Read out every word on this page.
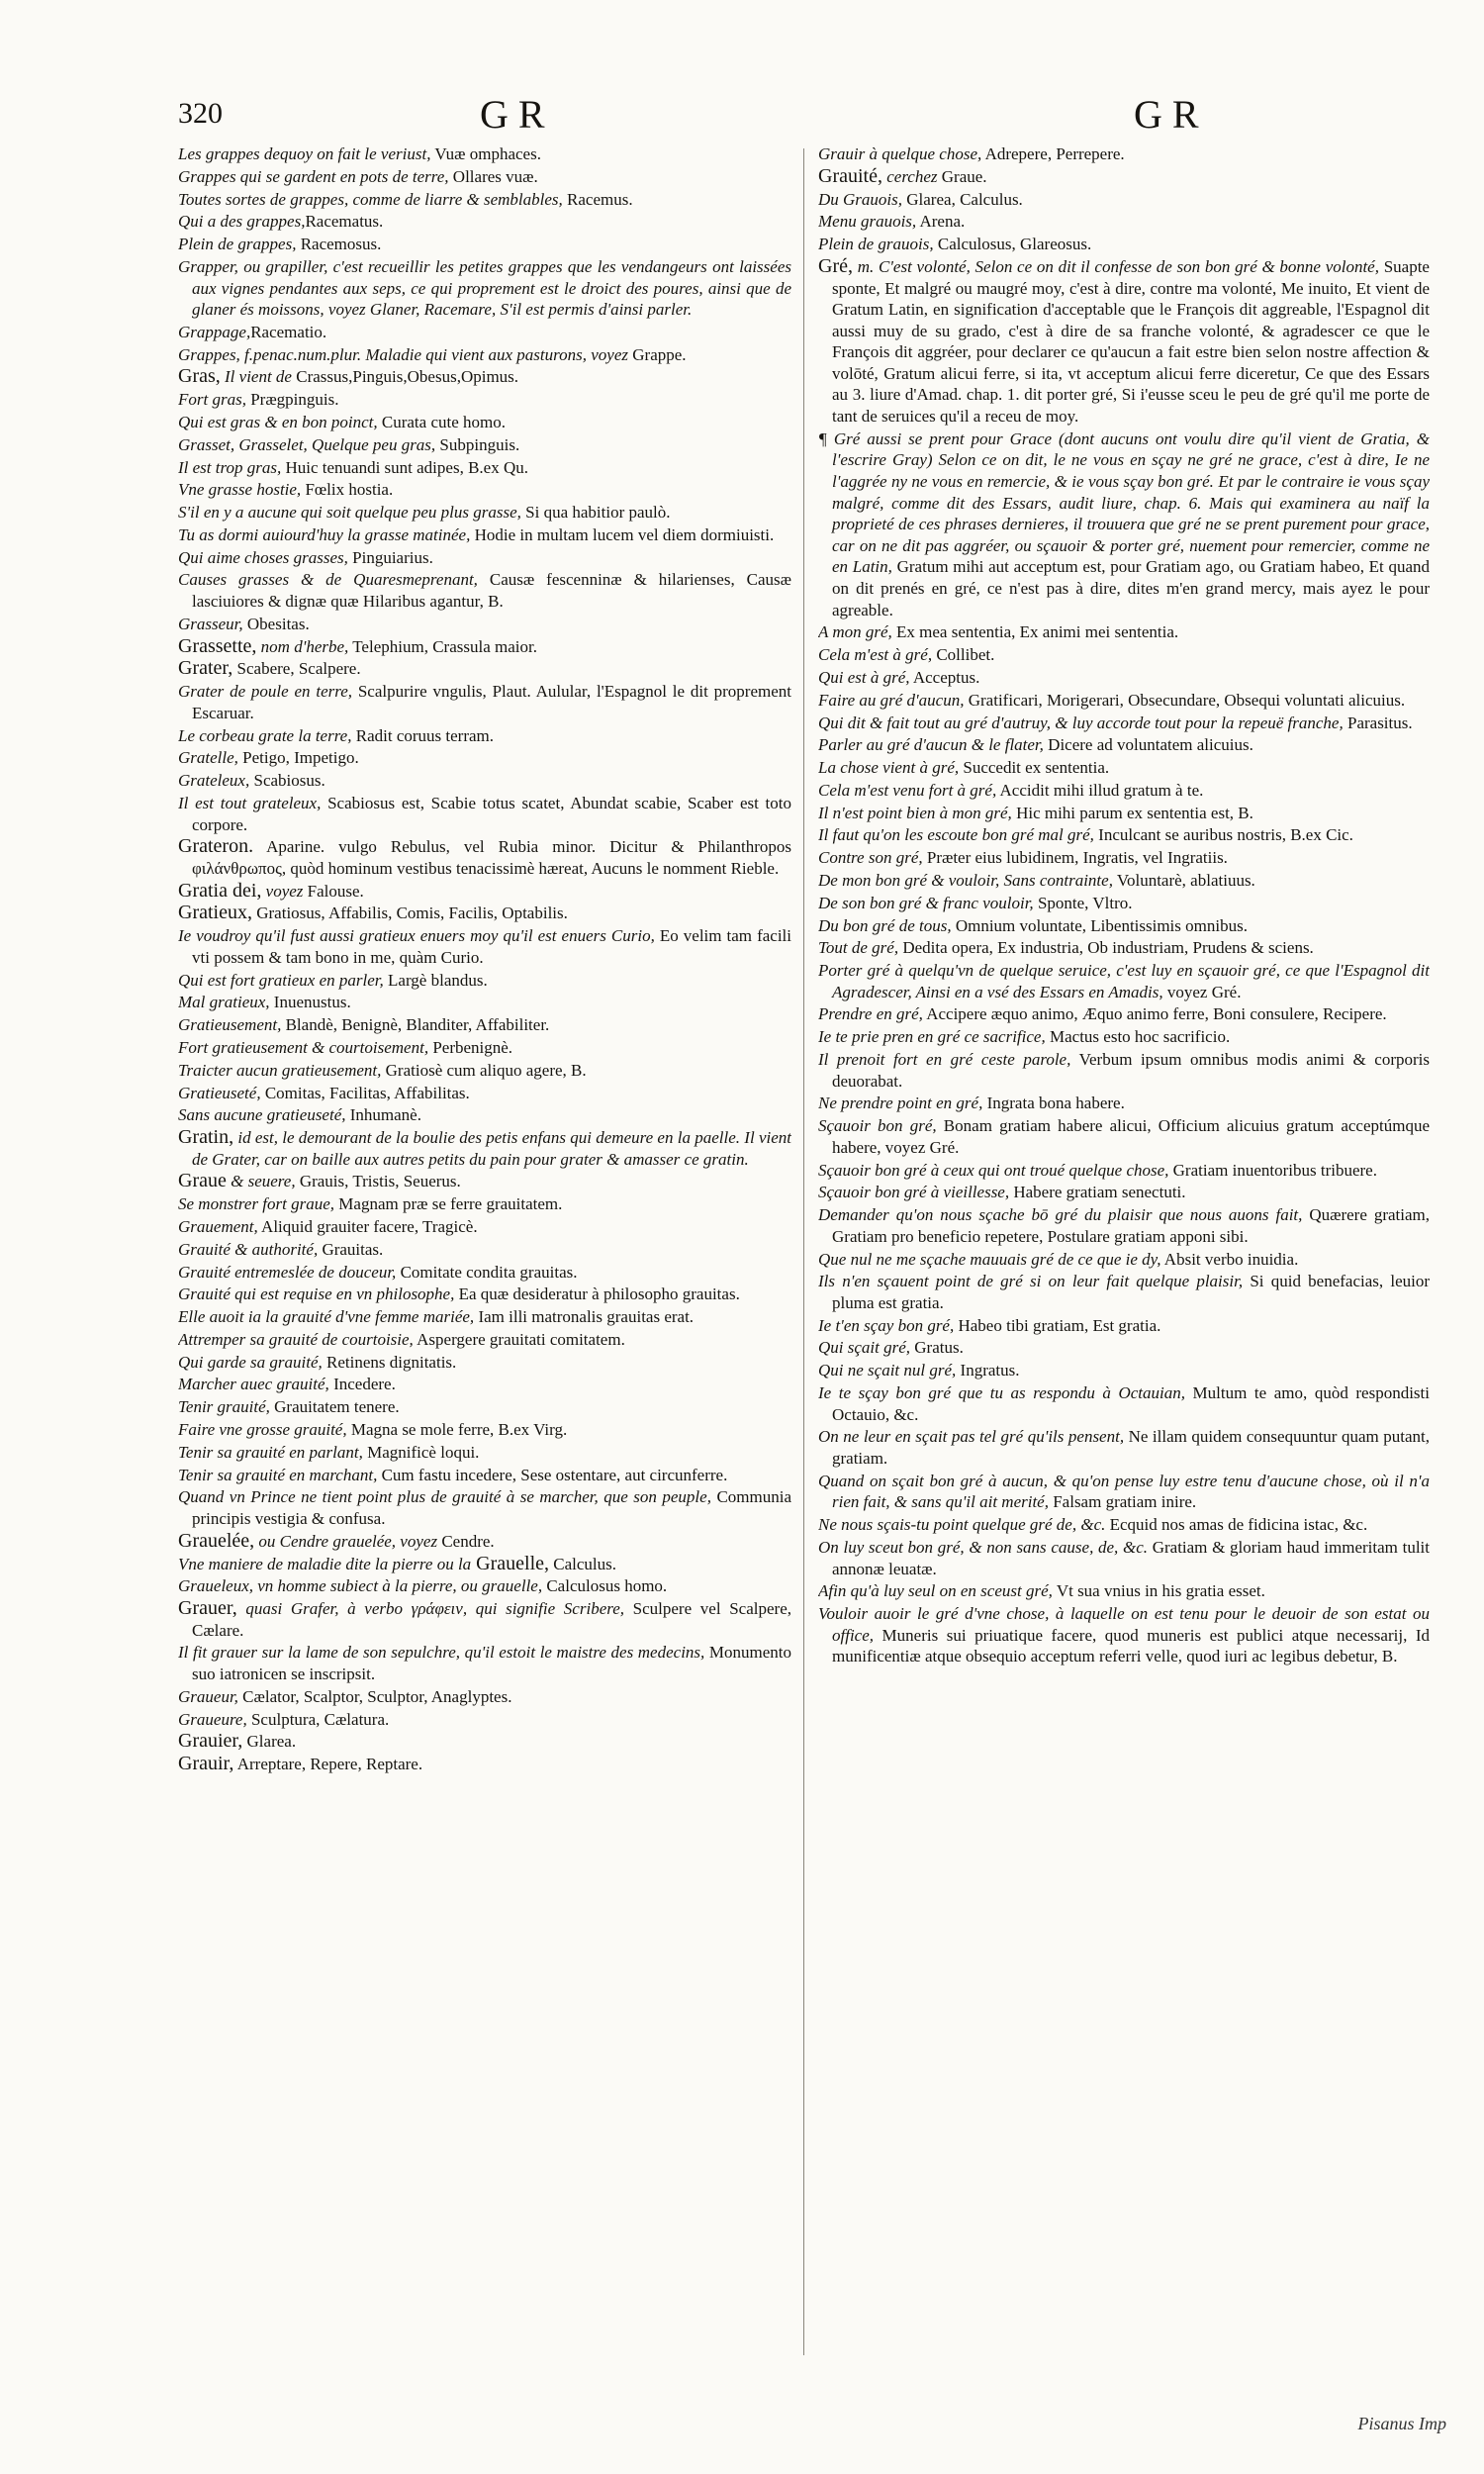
320	GR	GR

Les grappes dequoy on fait le veriust, Vuæ omphaces.

Grappes qui se gardent en pots de terre, Ollares vuæ.

Toutes sortes de grappes, comme de liarre & semblables, Racemus.

Qui a des grappes,Racematus.

Plein de grappes, Racemosus.

Grapper, ou grapiller, c'est recueillir les petites grappes que les vendangeurs ont laissées aux vignes pendantes aux seps, ce qui proprement est le droict des poures, ainsi que de glaner és moissons, voyez Glaner, Racemare, S'il est permis d'ainsi parler.

Grappage,Racematio.

Grappes, f.penac.num.plur. Maladie qui vient aux pasturons, voyez Grappe.

Gras, Il vient de Crassus,Pinguis,Obesus,Opimus.

Fort gras, Prægpinguis.

Qui est gras & en bon poinct, Curata cute homo.

Grasset, Grasselet, Quelque peu gras, Subpinguis.

Il est trop gras, Huic tenuandi sunt adipes, B.ex Qu.

Vne grasse hostie, Fœlix hostia.

S'il en y a aucune qui soit quelque peu plus grasse, Si qua habitior paulò.

Tu as dormi auiourd'huy la grasse matinée, Hodie in multam lucem vel diem dormiuisti.

Qui aime choses grasses, Pinguiarius.

Causes grasses & de Quaresmeprenant, Causæ fescenninæ & hilarienses, Causæ lasciuiores & dignæ quæ Hilaribus agantur, B.

Grasseur, Obesitas.

Grassette, nom d'herbe, Telephium, Crassula maior.

Grater, Scabere, Scalpere.

Grater de poule en terre, Scalpurire vngulis, Plaut. Aulular, l'Espagnol le dit proprement Escaruar.

Le corbeau grate la terre, Radit coruus terram.

Gratelle, Petigo, Impetigo.

Grateleux, Scabiosus.

Il est tout grateleux, Scabiosus est, Scabie totus scatet, Abundat scabie, Scaber est toto corpore.

Grateron. Aparine. vulgo Rebulus, vel Rubia minor. Dicitur & Philanthropos φιλάνθρωπος, quòd hominum vestibus tenacissimè hæreat, Aucuns le nomment Rieble.

Gratia dei, voyez Falouse.

Gratieux, Gratiosus, Affabilis, Comis, Facilis, Optabilis.

Ie voudroy qu'il fust aussi gratieux enuers moy qu'il est enuers Curio, Eo velim tam facili vti possem & tam bono in me, quàm Curio.

Qui est fort gratieux en parler, Largè blandus.

Mal gratieux, Inuenustus.

Gratieusement, Blandè, Benignè, Blanditer, Affabiliter.

Fort gratieusement & courtoisement, Perbenignè.

Traicter aucun gratieusement, Gratiosè cum aliquo agere, B.

Gratieuseté, Comitas, Facilitas, Affabilitas.

Sans aucune gratieuseté, Inhumanè.

Gratin, id est, le demourant de la boulie des petis enfans qui demeure en la paelle. Il vient de Grater, car on baille aux autres petits du pain pour grater & amasser ce gratin.

Graue & seuere, Grauis, Tristis, Seuerus.

Se monstrer fort graue, Magnam præ se ferre grauitatem.

Grauement, Aliquid grauiter facere, Tragicè.

Grauité & authorité, Grauitas.

Grauité entremeslée de douceur, Comitate condita grauitas.

Grauité qui est requise en vn philosophe, Ea quæ desideratur à philosopho grauitas.

Elle auoit ia la grauité d'vne femme mariée, Iam illi matronalis grauitas erat.

Attremper sa grauité de courtoisie, Aspergere grauitati comitatem.

Qui garde sa grauité, Retinens dignitatis.

Marcher auec grauité, Incedere.

Tenir grauité, Grauitatem tenere.

Faire vne grosse grauité, Magna se mole ferre, B.ex Virg.

Tenir sa grauité en parlant, Magnificè loqui.

Tenir sa grauité en marchant, Cum fastu incedere, Sese ostentare, aut circunferre.

Quand vn Prince ne tient point plus de grauité à se marcher, que son peuple, Communia principis vestigia & confusa.

Grauelée, ou Cendre grauelée, voyez Cendre.

Vne maniere de maladie dite la pierre ou la Grauelle, Calculus.

Graueleux, vn homme subiect à la pierre, ou grauelle, Calculosus homo.

Grauer, quasi Grafer, à verbo γράφειν, qui signifie Scribere, Sculpere vel Scalpere, Cælare.

Il fit grauer sur la lame de son sepulchre, qu'il estoit le maistre des medecins, Monumento suo iatronicen se inscripsit.

Graueur, Cælator, Scalptor, Sculptor, Anaglyptes.

Graueure, Sculptura, Cælatura.

Grauier, Glarea.

Grauir, Arreptare, Repere, Reptare.

Grauir à quelque chose, Adrepere, Perrepere.

Grauité, cerchez Graue.

Du Grauois, Glarea, Calculus.

Menu grauois, Arena.

Plein de grauois, Calculosus, Glareosus.

Gré, m. C'est volonté, Selon ce on dit il confesse de son bon gré & bonne volonté, Suapte sponte, Et malgré ou maugré moy, c'est à dire, contre ma volonté, Me inuito, Et vient de Gratum Latin, en signification d'acceptable que le François dit aggreable, l'Espagnol dit aussi muy de su grado, c'est à dire de sa franche volonté, & agradescer ce que le François dit aggréer, pour declarer ce qu'aucun a fait estre bien selon nostre affection & volōté, Gratum alicui ferre, si ita, vt acceptum alicui ferre diceretur, Ce que des Essars au 3. liure d'Amad. chap. 1. dit porter gré, Si i'eusse sceu le peu de gré qu'il me porte de tant de seruices qu'il a receu de moy.

¶ Gré aussi se prent pour Grace (dont aucuns ont voulu dire qu'il vient de Gratia, & l'escrire Gray) Selon ce on dit, le ne vous en sçay ne gré ne grace, c'est à dire, Ie ne l'aggrée ny ne vous en remercie, & ie vous sçay bon gré. Et par le contraire ie vous sçay malgré, comme dit des Essars, audit liure, chap. 6. Mais qui examinera au naïf la proprieté de ces phrases dernieres, il trouuera que gré ne se prent purement pour grace, car on ne dit pas aggréer, ou sçauoir & porter gré, nuement pour remercier, comme ne en Latin, Gratum mihi aut acceptum est, pour Gratiam ago, ou Gratiam habeo, Et quand on dit prenés en gré, ce n'est pas à dire, dites m'en grand mercy, mais ayez le pour agreable.

A mon gré, Ex mea sententia, Ex animi mei sententia.

Cela m'est à gré, Collibet.

Qui est à gré, Acceptus.

Faire au gré d'aucun, Gratificari, Morigerari, Obsecundare, Obsequi voluntati alicuius.

Qui dit & fait tout au gré d'autruy, & luy accorde tout pour la repeuë franche, Parasitus.

Parler au gré d'aucun & le flater, Dicere ad voluntatem alicuius.

La chose vient à gré, Succedit ex sententia.

Cela m'est venu fort à gré, Accidit mihi illud gratum à te.

Il n'est point bien à mon gré, Hic mihi parum ex sententia est, B.

Il faut qu'on les escoute bon gré mal gré, Inculcant se auribus nostris, B.ex Cic.

Contre son gré, Præter eius lubidinem, Ingratis, vel Ingratiis.

De mon bon gré & vouloir, Sans contrainte, Voluntarè, ablatiuus.

De son bon gré & franc vouloir, Sponte, Vltro.

Du bon gré de tous, Omnium voluntate, Libentissimis omnibus.

Tout de gré, Dedita opera, Ex industria, Ob industriam, Prudens & sciens.

Porter gré à quelqu'vn de quelque seruice, c'est luy en sçauoir gré, ce que l'Espagnol dit Agradescer, Ainsi en a vsé des Essars en Amadis, voyez Gré.

Prendre en gré, Accipere æquo animo, Æquo animo ferre, Boni consulere, Recipere.

Ie te prie pren en gré ce sacrifice, Mactus esto hoc sacrificio.

Il prenoit fort en gré ceste parole, Verbum ipsum omnibus modis animi & corporis deuorabat.

Ne prendre point en gré, Ingrata bona habere.

Sçauoir bon gré, Bonam gratiam habere alicui, Officium alicuius gratum acceptúmque habere, voyez Gré.

Sçauoir bon gré à ceux qui ont troué quelque chose, Gratiam inuentoribus tribuere.

Sçauoir bon gré à vieillesse, Habere gratiam senectuti.

Demander qu'on nous sçache bō gré du plaisir que nous auons fait, Quærere gratiam, Gratiam pro beneficio repetere, Postulare gratiam apponi sibi.

Que nul ne me sçache mauuais gré de ce que ie dy, Absit verbo inuidia.

Ils n'en sçauent point de gré si on leur fait quelque plaisir, Si quid benefacias, leuior pluma est gratia.

Ie t'en sçay bon gré, Habeo tibi gratiam, Est gratia.

Qui sçait gré, Gratus.

Qui ne sçait nul gré, Ingratus.

Ie te sçay bon gré que tu as respondu à Octauian, Multum te amo, quòd respondisti Octauio, &c.

On ne leur en sçait pas tel gré qu'ils pensent, Ne illam quidem consequuntur quam putant, gratiam.

Quand on sçait bon gré à aucun, & qu'on pense luy estre tenu d'aucune chose, où il n'a rien fait, & sans qu'il ait merité, Falsam gratiam inire.

Ne nous sçais-tu point quelque gré de, &c. Ecquid nos amas de fidicina istac, &c.

On luy sceut bon gré, & non sans cause, de, &c. Gratiam & gloriam haud immeritam tulit annonæ leuatæ.

Afin qu'à luy seul on en sceust gré, Vt sua vnius in his gratia esset.

Vouloir auoir le gré d'vne chose, à laquelle on est tenu pour le deuoir de son estat ou office, Muneris sui priuatique facere, quod muneris est publici atque necessarij, Id munificentiæ atque obsequio acceptum referri velle, quod iuri ac legibus debetur, B.

Pisanus Imp
